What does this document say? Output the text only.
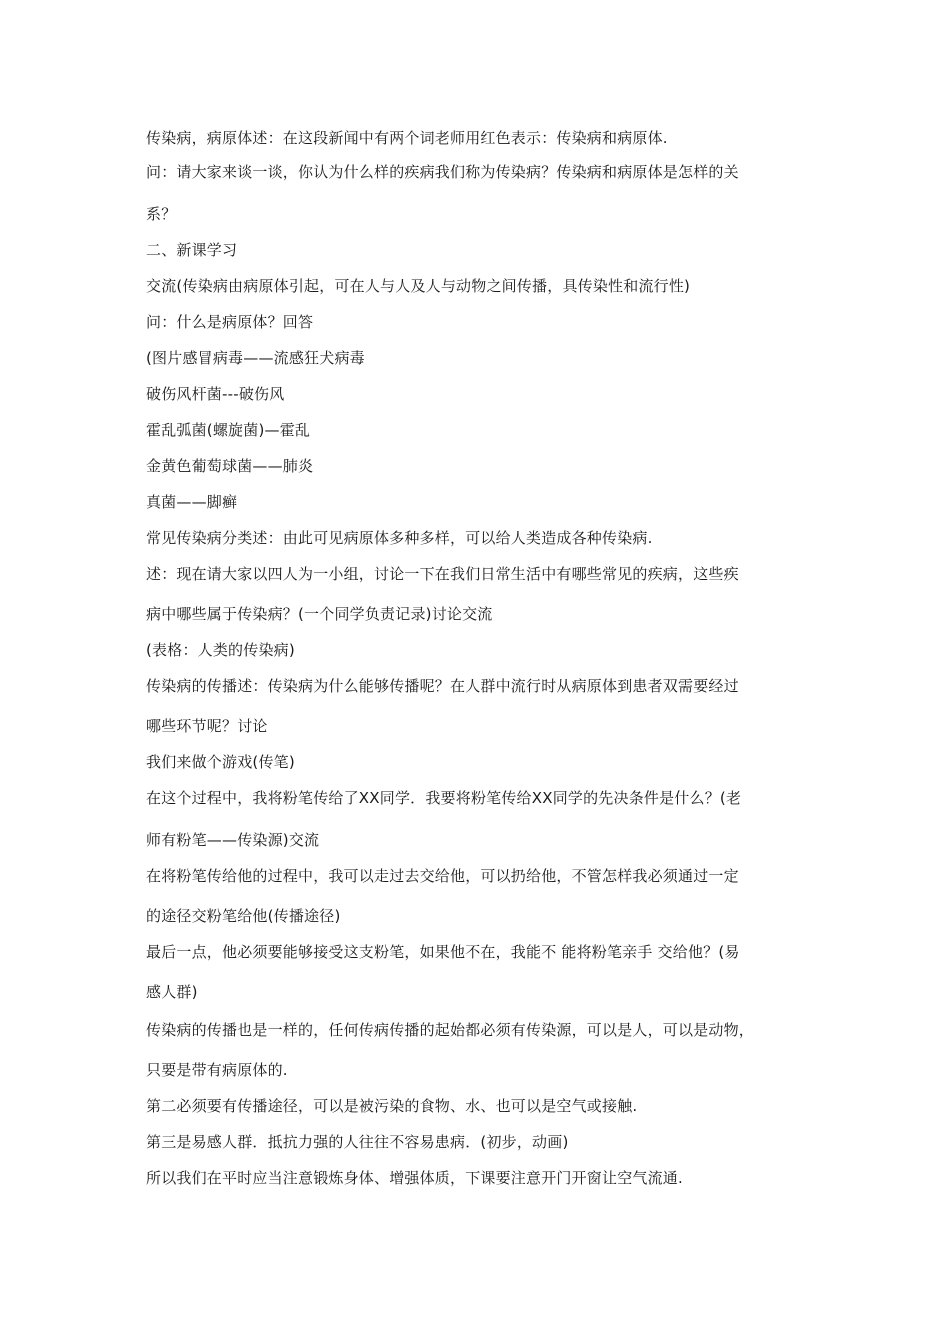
传染病，病原体述：在这段新闻中有两个词老师用红色表示：传染病和病原体.
问：请大家来谈一谈，你认为什么样的疾病我们称为传染病？传染病和病原体是怎样的关
系？
二、新课学习
交流(传染病由病原体引起，可在人与人及人与动物之间传播，具传染性和流行性)
问：什么是病原体？回答
(图片感冒病毒——流感狂犬病毒
破伤风杆菌---破伤风
霍乱弧菌(螺旋菌)—霍乱
金黄色葡萄球菌——肺炎
真菌——脚癣
常见传染病分类述：由此可见病原体多种多样，可以给人类造成各种传染病.
述：现在请大家以四人为一小组，讨论一下在我们日常生活中有哪些常见的疾病，这些疾
病中哪些属于传染病？(一个同学负责记录)讨论交流
(表格：人类的传染病)
传染病的传播述：传染病为什么能够传播呢？在人群中流行时从病原体到患者双需要经过
哪些环节呢？讨论
我们来做个游戏(传笔)
在这个过程中，我将粉笔传给了XX同学．我要将粉笔传给XX同学的先决条件是什么？(老
师有粉笔——传染源)交流
在将粉笔传给他的过程中，我可以走过去交给他，可以扔给他，不管怎样我必须通过一定
的途径交粉笔给他(传播途径)
最后一点，他必须要能够接受这支粉笔，如果他不在，我能不 能将粉笔亲手 交给他？(易
感人群)
传染病的传播也是一样的，任何传病传播的起始都必须有传染源，可以是人，可以是动物，
只要是带有病原体的.
第二必须要有传播途径，可以是被污染的食物、水、也可以是空气或接触.
第三是易感人群．抵抗力强的人往往不容易患病．(初步，动画)
所以我们在平时应当注意锻炼身体、增强体质，下课要注意开门开窗让空气流通.
